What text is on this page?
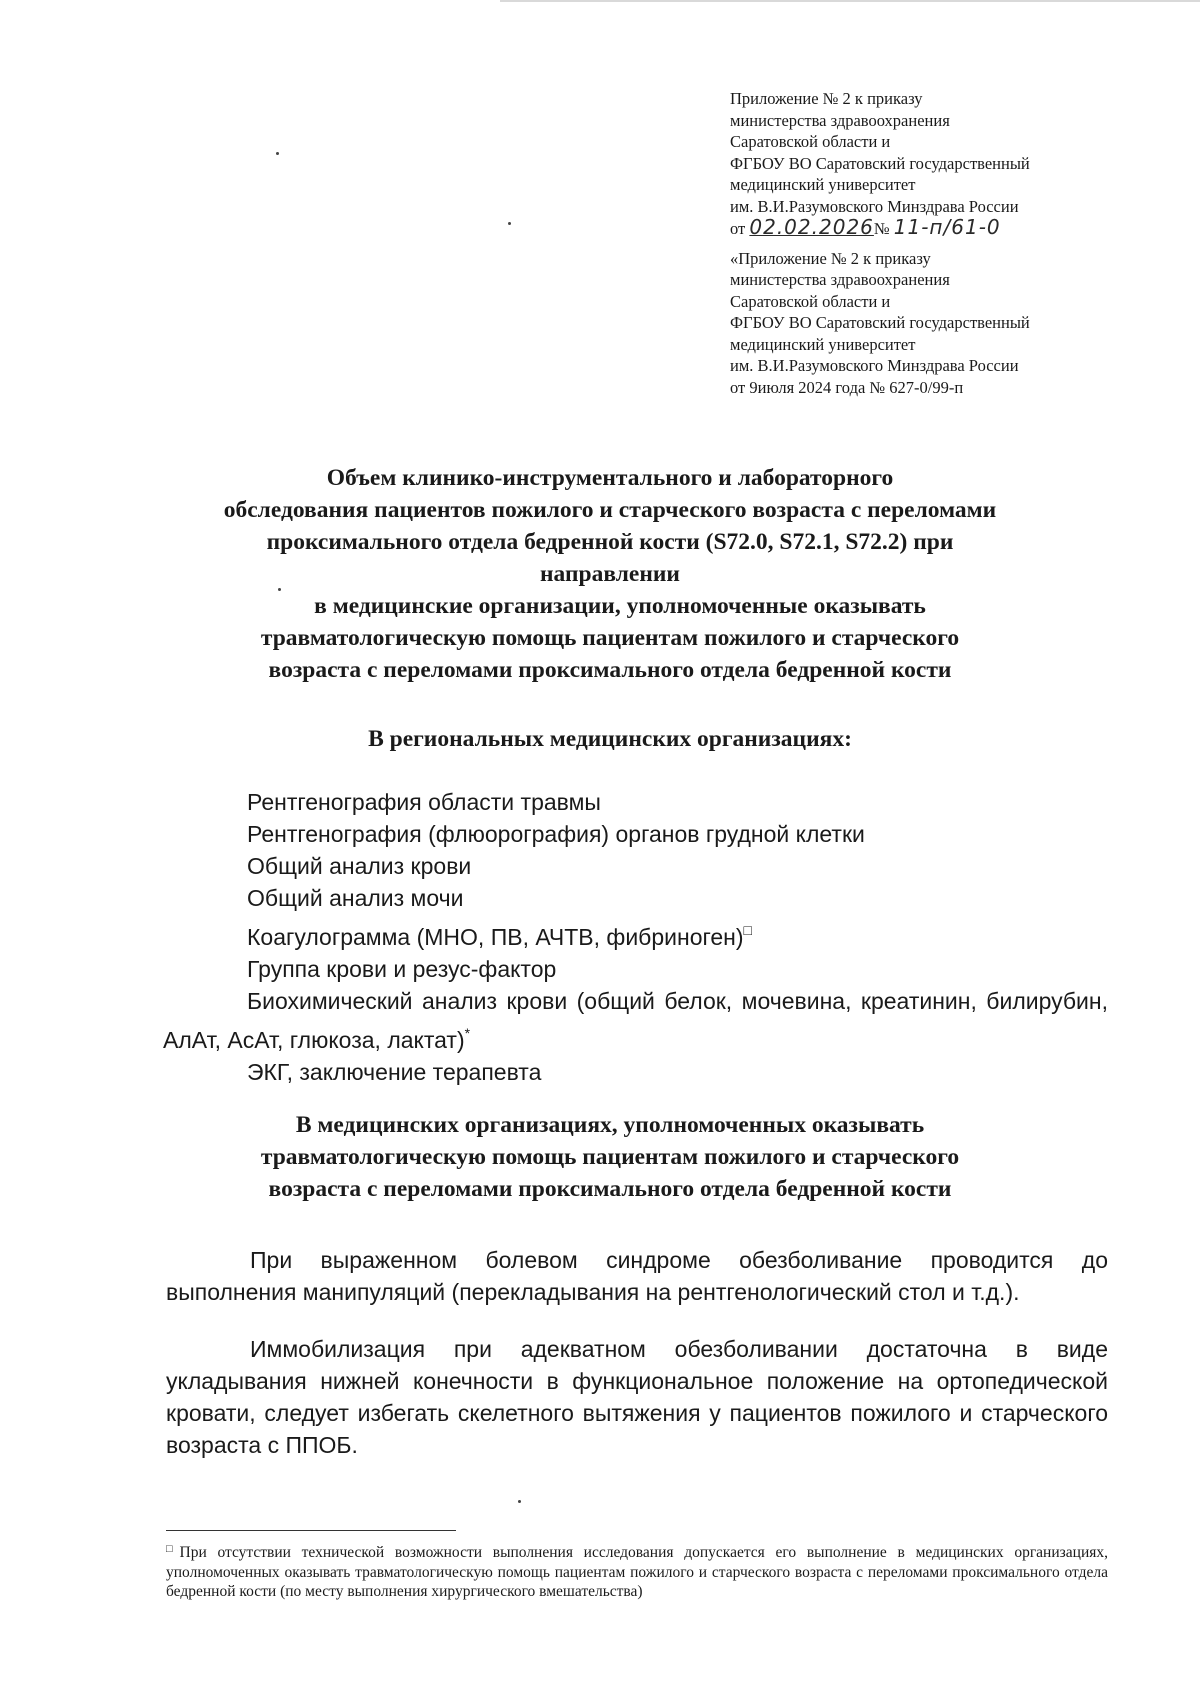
Приложение № 2 к приказу
министерства здравоохранения
Саратовской области и
ФГБОУ ВО Саратовский государственный
медицинский университет
им. В.И.Разумовского Минздрава России
от 02.02.2026№ 11-п/61-0
«Приложение № 2 к приказу
министерства здравоохранения
Саратовской области и
ФГБОУ ВО Саратовский государственный
медицинский университет
им. В.И.Разумовского Минздрава России
от 9июля 2024 года № 627-0/99-п
Объем клинико-инструментального и лабораторного
обследования пациентов пожилого и старческого возраста с переломами
проксимального отдела бедренной кости (S72.0, S72.1, S72.2) при
направлении
в медицинские организации, уполномоченные оказывать
травматологическую помощь пациентам пожилого и старческого
возраста с переломами проксимального отдела бедренной кости
В региональных медицинских организациях:
Рентгенография области травмы
Рентгенография (флюорография) органов грудной клетки
Общий анализ крови
Общий анализ мочи
Коагулограмма (МНО, ПВ, АЧТВ, фибриноген)□
Группа крови и резус-фактор
Биохимический анализ крови (общий белок, мочевина, креатинин, билирубин, АлАт, АсАт, глюкоза, лактат)*
ЭКГ, заключение терапевта
В медицинских организациях, уполномоченных оказывать
травматологическую помощь пациентам пожилого и старческого
возраста с переломами проксимального отдела бедренной кости
При выраженном болевом синдроме обезболивание проводится до выполнения манипуляций (перекладывания на рентгенологический стол и т.д.).
Иммобилизация при адекватном обезболивании достаточна в виде укладывания нижней конечности в функциональное положение на ортопедической кровати, следует избегать скелетного вытяжения у пациентов пожилого и старческого возраста с ППОБ.
□При отсутствии технической возможности выполнения исследования допускается его выполнение в медицинских организациях, уполномоченных оказывать травматологическую помощь пациентам пожилого и старческого возраста с переломами проксимального отдела бедренной кости (по месту выполнения хирургического вмешательства)
